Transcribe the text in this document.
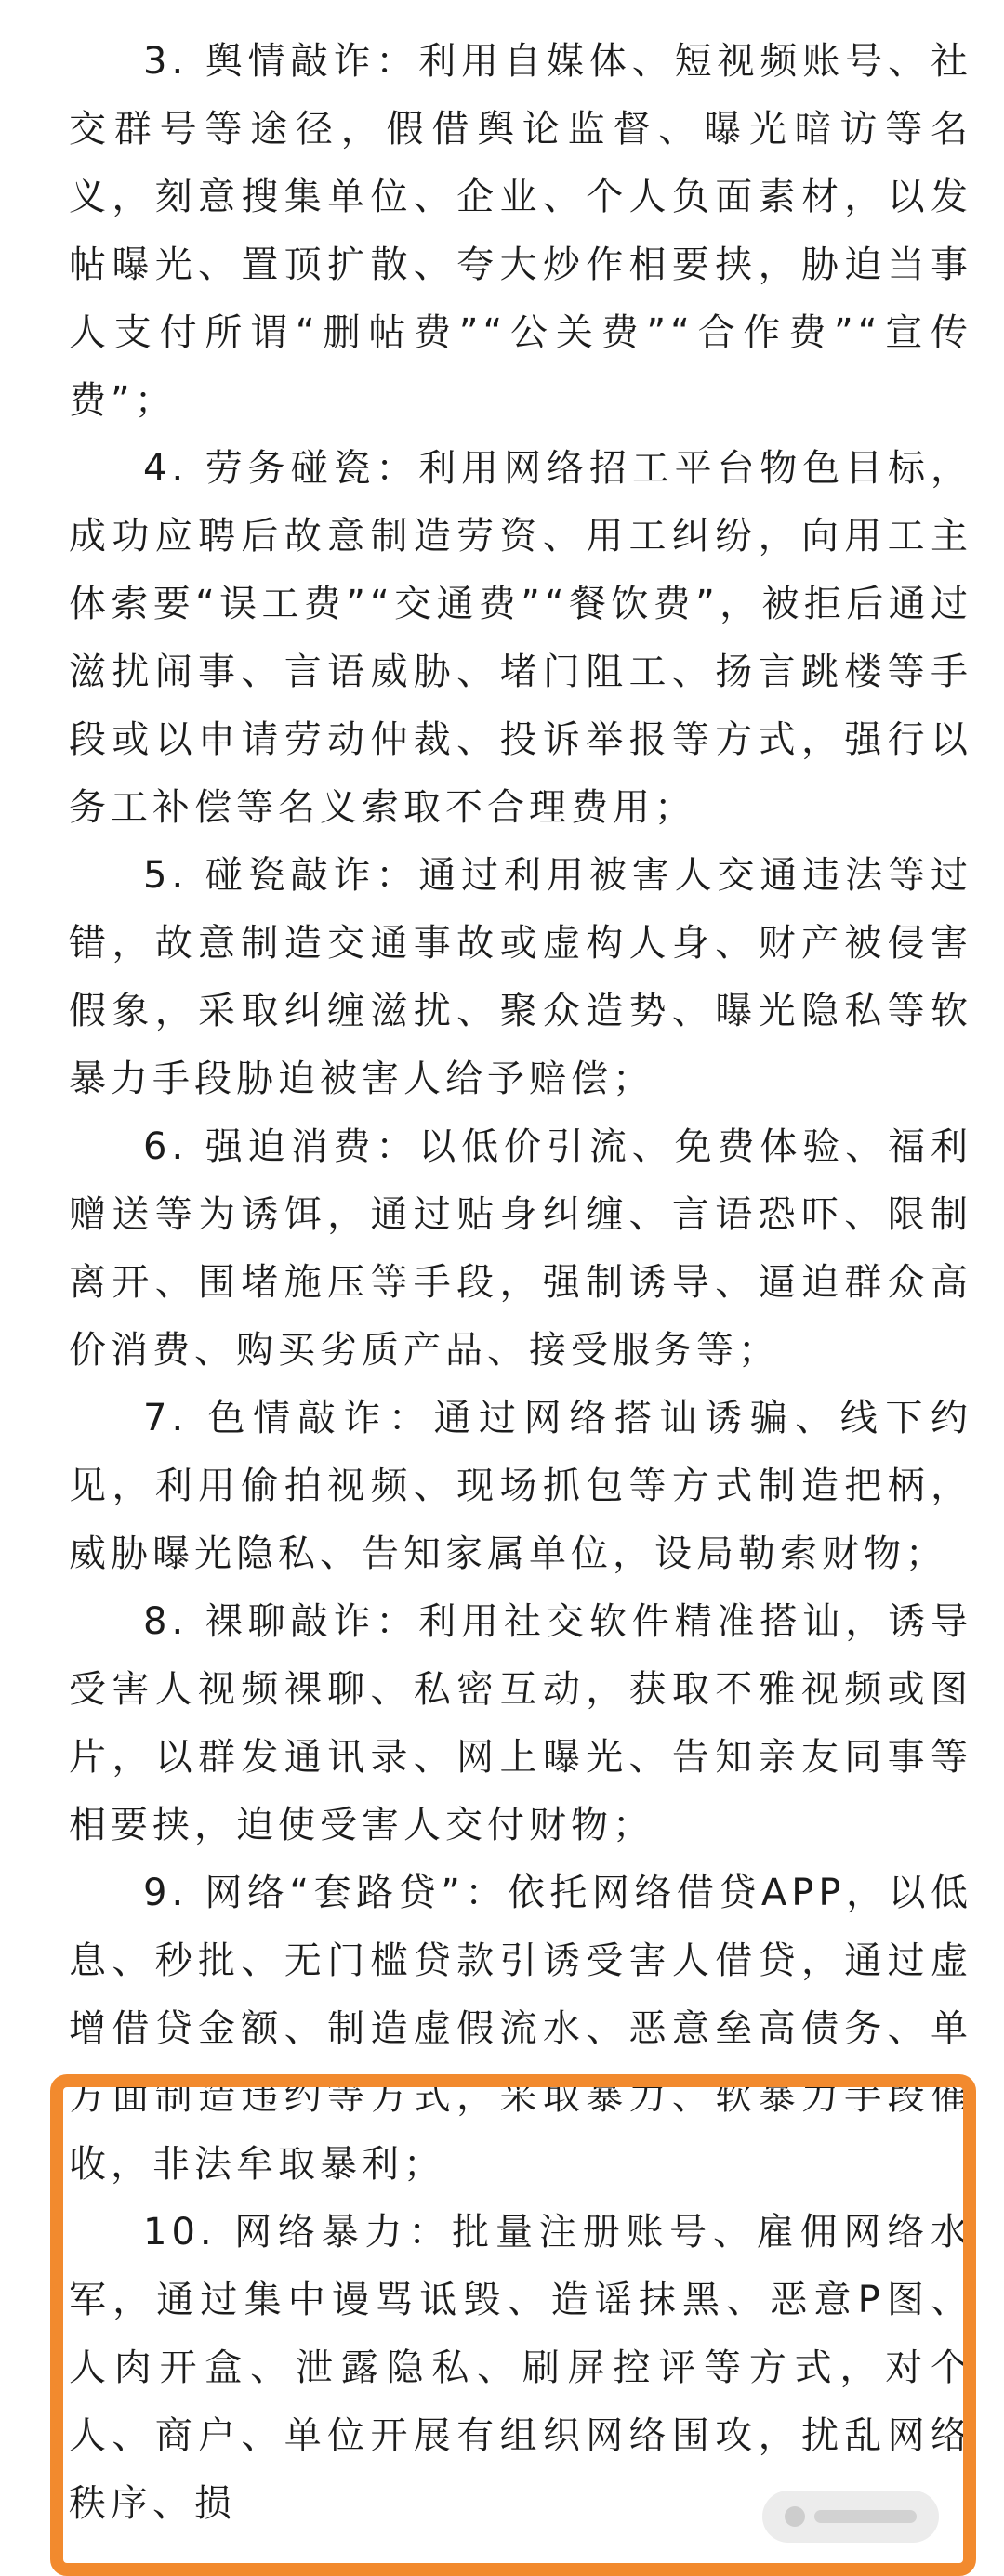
3. 舆情敲诈：利用自媒体、短视频账号、社交群号等途径，假借舆论监督、曝光暗访等名义，刻意搜集单位、企业、个人负面素材，以发帖曝光、置顶扩散、夸大炒作相要挟，胁迫当事人支付所谓“删帖费”“公关费”“合作费”“宣传费”；

4. 劳务碰瓷：利用网络招工平台物色目标，成功应聘后故意制造劳资、用工纠纷，向用工主体索要“误工费”“交通费”“餐饮费”，被拒后通过滋扰闹事、言语威胁、堵门阻工、扬言跳楼等手段或以申请劳动仲裁、投诉举报等方式，强行以务工补偿等名义索取不合理费用；

5. 碰瓷敲诈：通过利用被害人交通违法等过错，故意制造交通事故或虚构人身、财产被侵害假象，采取纠缠滋扰、聚众造势、曝光隐私等软暴力手段胁迫被害人给予赔偿；

6. 强迫消费：以低价引流、免费体验、福利赠送等为诱饵，通过贴身纠缠、言语恐吓、限制离开、围堵施压等手段，强制诱导、逼迫群众高价消费、购买劣质产品、接受服务等；

7. 色情敲诈：通过网络搭讪诱骗、线下约见，利用偷拍视频、现场抓包等方式制造把柄，威胁曝光隐私、告知家属单位，设局勒索财物；

8. 裸聊敲诈：利用社交软件精准搭讪，诱导受害人视频裸聊、私密互动，获取不雅视频或图片，以群发通讯录、网上曝光、告知亲友同事等相要挟，迫使受害人交付财物；

9. 网络“套路贷”：依托网络借贷APP，以低息、秒批、无门槛贷款引诱受害人借贷，通过虚增借贷金额、制造虚假流水、恶意垒高债务、单方面制造违约等方式，采取暴力、软暴力手段催收，非法牟取暴利；

10. 网络暴力：批量注册账号、雇佣网络水军，通过集中谩骂诋毁、造谣抹黑、恶意P图、人肉开盒、泄露隐私、刷屏控评等方式，对个人、商户、单位开展有组织网络围攻，扰乱网络秩序、损
